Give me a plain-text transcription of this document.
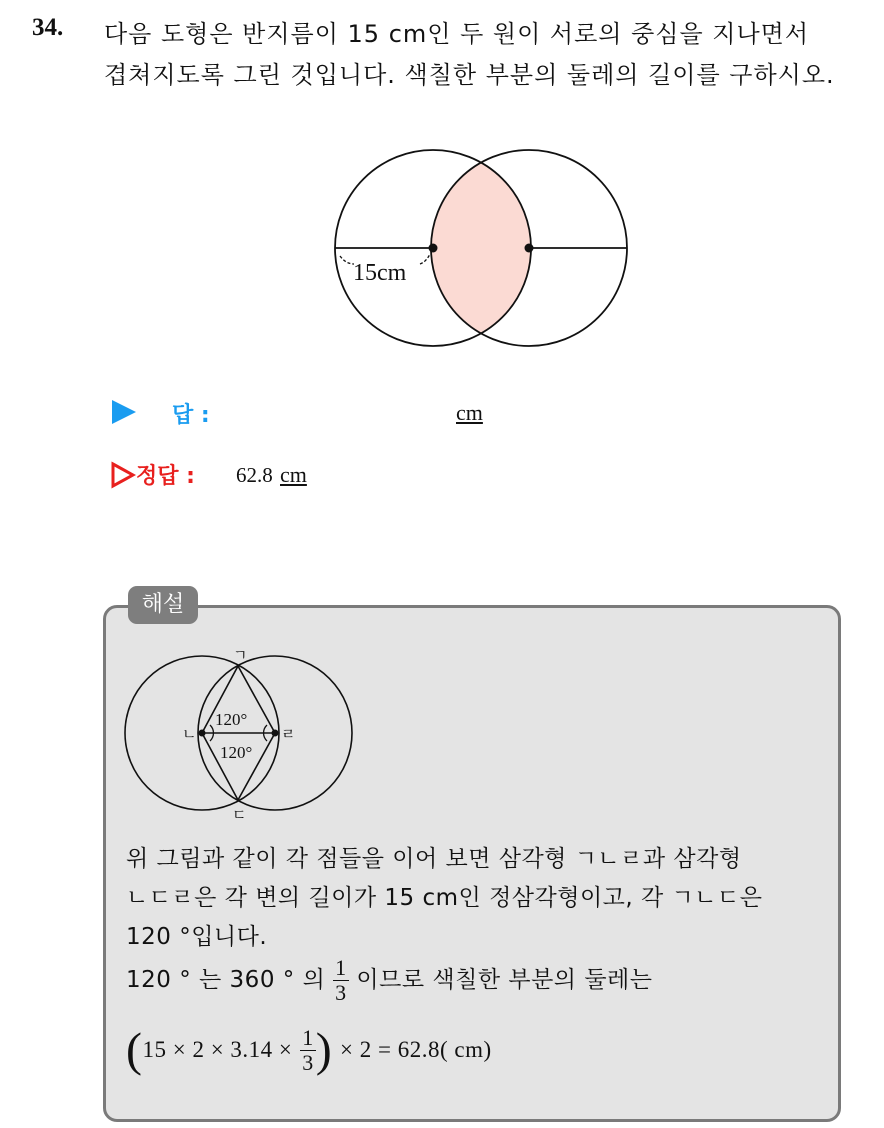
34. 다음 도형은 반지름이 15 cm인 두 원이 서로의 중심을 지나면서
겹쳐지도록 그린 것입니다. 색칠한 부분의 둘레의 길이를 구하시오.
15cm
답 :	cm
정답 : 62.8 cm
해설
ㄱ
ㄴ	ㄹ
ㄷ
120°
120°
위 그림과 같이 각 점들을 이어 보면 삼각형 ㄱㄴㄹ과 삼각형
ㄴㄷㄹ은 각 변의 길이가 15 cm인 정삼각형이고, 각 ㄱㄴㄷ은
120 °입니다.
120 ° 는 360 ° 의 $\frac{1}{3}$ 이므로 색칠한 부분의 둘레는
($15 \times 2 \times 3.14 \times \frac{1}{3}$ ) × 2 = 62.8( cm)
